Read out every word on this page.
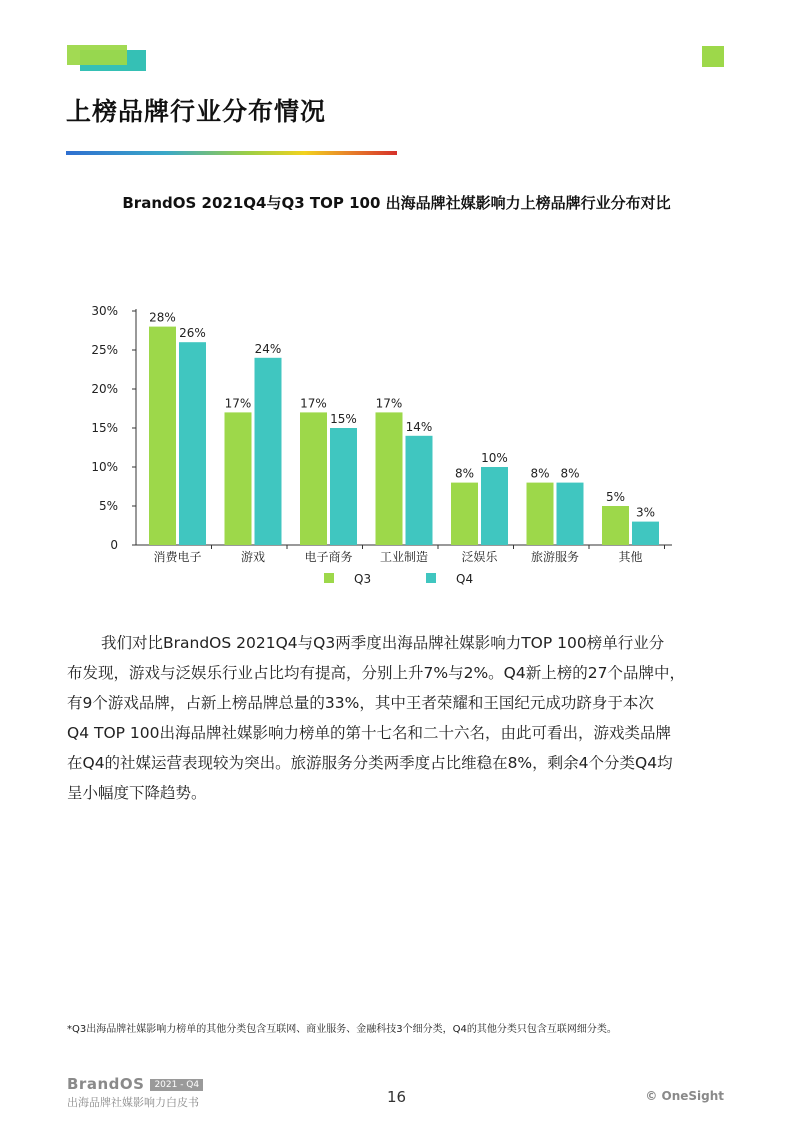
上榜品牌行业分布情况
BrandOS 2021Q4与Q3 TOP 100 出海品牌社媒影响力上榜品牌行业分布对比
0
5%
10%
15%
20%
25%
30%	28%
26%
消费电子
17%
24%
游戏
17%
15%
电子商务
17%
14%
工业制造
8%
10%
泛娱乐
8% 8%
旅游服务
5%
3%
其他
Q3	Q4

我们对比BrandOS 2021Q4与Q3两季度出海品牌社媒影响力TOP 100榜单行业分
布发现，游戏与泛娱乐行业占比均有提高，分别上升7%与2%。Q4新上榜的27个品牌中，
有9个游戏品牌，占新上榜品牌总量的33%，其中王者荣耀和王国纪元成功跻身于本次
Q4 TOP 100出海品牌社媒影响力榜单的第十七名和二十六名，由此可看出，游戏类品牌
在Q4的社媒运营表现较为突出。旅游服务分类两季度占比维稳在8%，剩余4个分类Q4均
呈小幅度下降趋势。

*Q3出海品牌社媒影响力榜单的其他分类包含互联网、商业服务、金融科技3个细分类，Q4的其他分类只包含互联网细分类。
BrandOS 2021 - Q4
出海品牌社媒影响力白皮书	16	© OneSight
